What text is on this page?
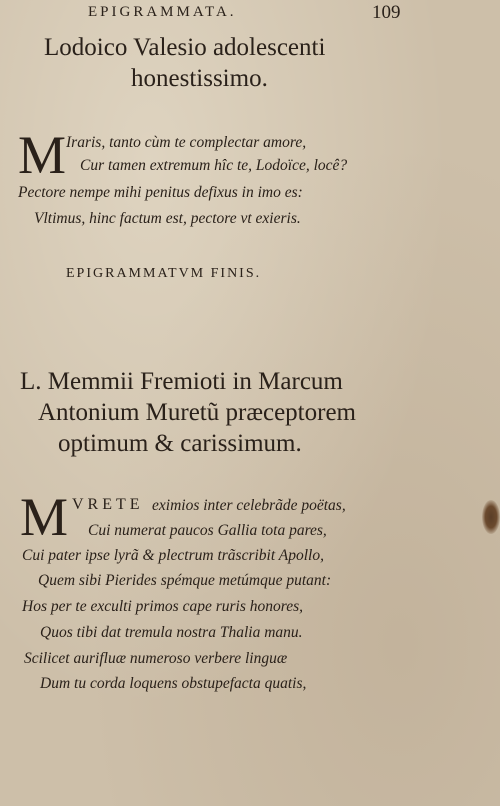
EPIGRAMMATA.	109
Lodoico Valesio adolescenti
honestissimo.
M Iraris, tanto cùm te complectar amore,
Cur tamen extremum hîc te, Lodoïce, locê?
Pectore nempe mihi penitus defixus in imo es:
Vltimus, hinc factum est, pectore vt exieris.
EPIGRAMMATVM FINIS.
L. Memmii Fremioti in Marcum
Antonium Muretũ præceptorem
optimum & carissimum.
M VRETE eximios inter celebrãde poëtas,
Cui numerat paucos Gallia tota pares,
Cui pater ipse lyrã & plectrum trãscribit Apollo,
Quem sibi Pierides spémque metúmque putant:
Hos per te exculti primos cape ruris honores,
Quos tibi dat tremula nostra Thalia manu.
Scilicet aurifluæ numeroso verbere linguæ
Dum tu corda loquens obstupefacta quatis,
